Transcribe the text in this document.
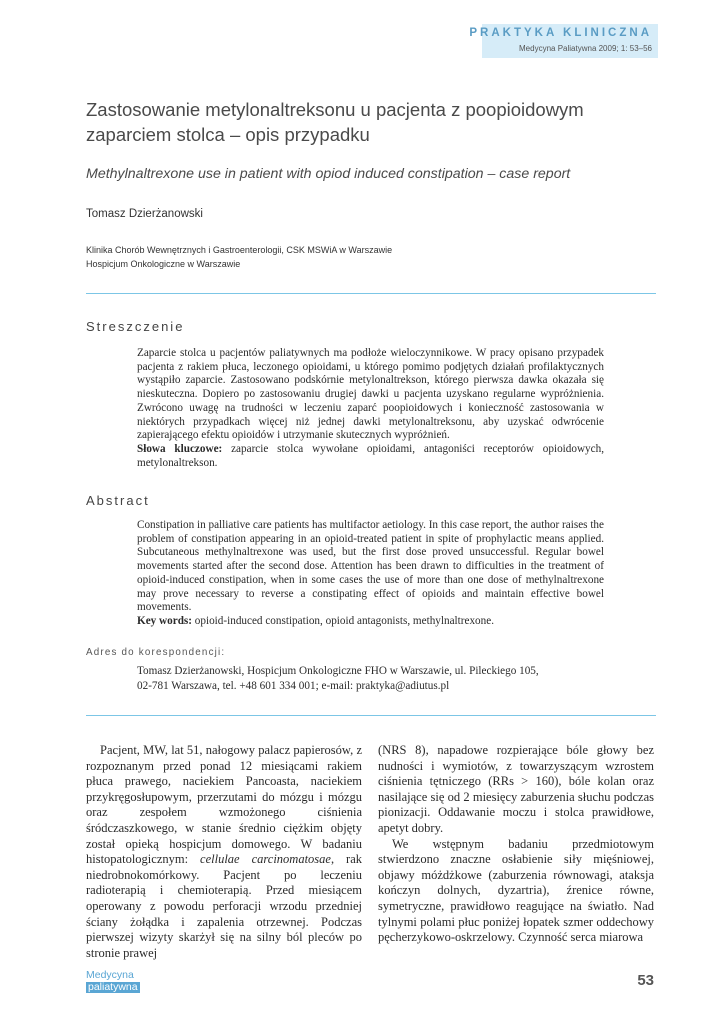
PRAKTYKA KLINICZNA
Medycyna Paliatywna 2009; 1: 53–56
Zastosowanie metylonaltreksonu u pacjenta z poopioidowym zaparciem stolca – opis przypadku
Methylnaltrexone use in patient with opiod induced constipation – case report
Tomasz Dzierżanowski
Klinika Chorób Wewnętrznych i Gastroenterologii, CSK MSWiA w Warszawie
Hospicjum Onkologiczne w Warszawie
Streszczenie

Zaparcie stolca u pacjentów paliatywnych ma podłoże wieloczynnikowe. W pracy opisano przypadek pacjenta z rakiem płuca, leczonego opioidami, u którego pomimo podjętych działań profilaktycznych wystąpiło zaparcie. Zastosowano podskórnie metylonaltrekson, którego pierwsza dawka okazała się nieskuteczna. Dopiero po zastosowaniu drugiej dawki u pacjenta uzyskano regularne wypróżnienia. Zwrócono uwagę na trudności w leczeniu zaparć poopioidowych i konieczność zastosowania w niektórych przypadkach więcej niż jednej dawki metylonaltreksonu, aby uzyskać odwrócenie zapierającego efektu opioidów i utrzymanie skutecznych wypróżnień.

Słowa kluczowe: zaparcie stolca wywołane opioidami, antagoniści receptorów opioidowych, metylonaltrekson.

Abstract

Constipation in palliative care patients has multifactor aetiology. In this case report, the author raises the problem of constipation appearing in an opioid-treated patient in spite of prophylactic means applied. Subcutaneous methylnaltrexone was used, but the first dose proved unsuccessful. Regular bowel movements started after the second dose. Attention has been drawn to difficulties in the treatment of opioid-induced constipation, when in some cases the use of more than one dose of methylnaltrexone may prove necessary to reverse a constipating effect of opioids and maintain effective bowel movements.

Key words: opioid-induced constipation, opioid antagonists, methylnaltrexone.

Adres do korespondencji:
Tomasz Dzierżanowski, Hospicjum Onkologiczne FHO w Warszawie, ul. Pileckiego 105,
02-781 Warszawa, tel. +48 601 334 001; e-mail: praktyka@adiutus.pl

Pacjent, MW, lat 51, nałogowy palacz papierosów, z rozpoznanym przed ponad 12 miesiącami rakiem płuca prawego, naciekiem Pancoasta, naciekiem przykręgosłupowym, przerzutami do mózgu i mózgu oraz zespołem wzmożonego ciśnienia śródczaszkowego, w stanie średnio ciężkim objęty został opieką hospicjum domowego. W badaniu histopatologicznym: cellulae carcinomatosae, rak niedrobnokomórkowy. Pacjent po leczeniu radioterapią i chemioterapią. Przed miesiącem operowany z powodu perforacji wrzodu przedniej ściany żołądka i zapalenia otrzewnej. Podczas pierwszej wizyty skarżył się na silny ból pleców po stronie prawej

(NRS 8), napadowe rozpierające bóle głowy bez nudności i wymiotów, z towarzyszącym wzrostem ciśnienia tętniczego (RRs > 160), bóle kolan oraz nasilające się od 2 miesięcy zaburzenia słuchu podczas pionizacji. Oddawanie moczu i stolca prawidłowe, apetyt dobry.

We wstępnym badaniu przedmiotowym stwierdzono znaczne osłabienie siły mięśniowej, objawy móżdżkowe (zaburzenia równowagi, ataksja kończyn dolnych, dyzartria), źrenice równe, symetryczne, prawidłowo reagujące na światło. Nad tylnymi polami płuc poniżej łopatek szmer oddechowy pęcherzykowo-oskrzelowy. Czynność serca miarowa

Medycyna
paliatywna	53
